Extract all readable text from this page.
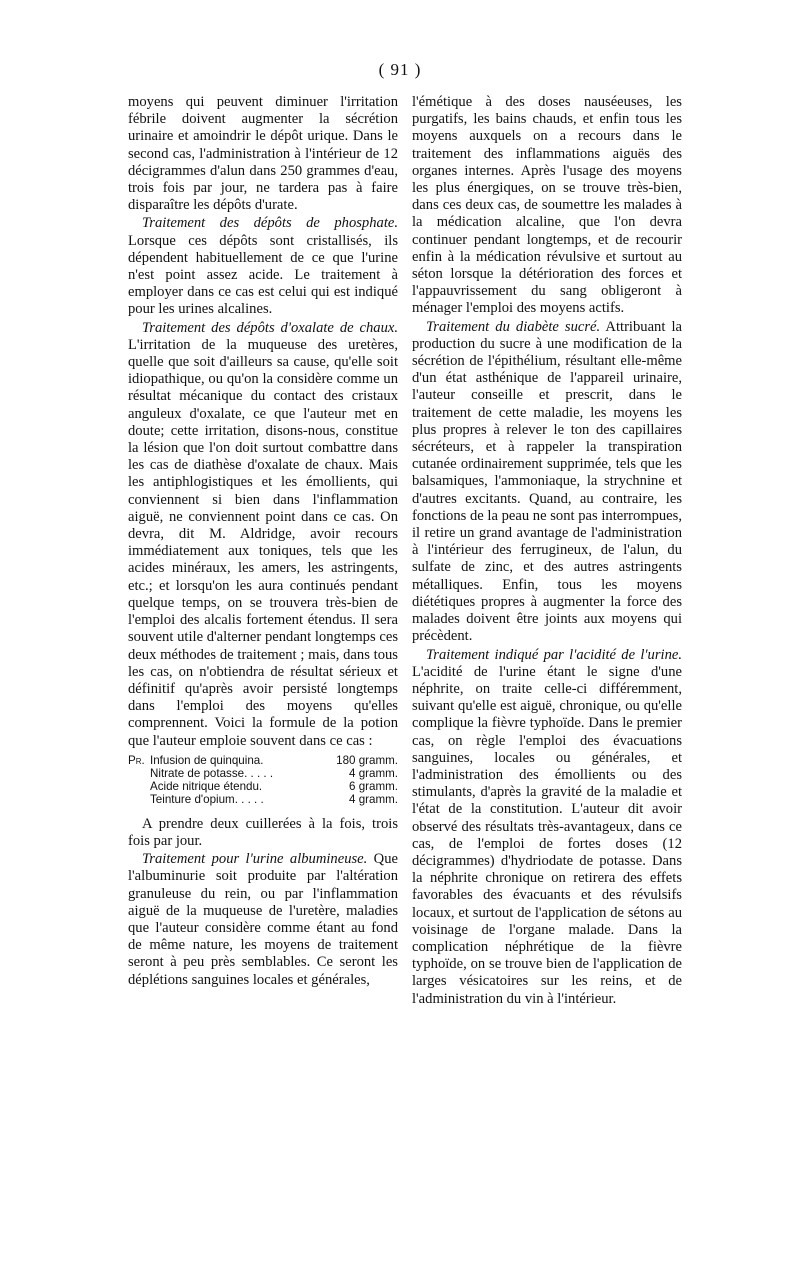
( 91 )

moyens qui peuvent diminuer l'irritation fébrile doivent augmenter la sécrétion urinaire et amoindrir le dépôt urique. Dans le second cas, l'administration à l'intérieur de 12 décigrammes d'alun dans 250 grammes d'eau, trois fois par jour, ne tardera pas à faire disparaître les dépôts d'urate.

Traitement des dépôts de phosphate. Lorsque ces dépôts sont cristallisés, ils dépendent habituellement de ce que l'urine n'est point assez acide. Le traitement à employer dans ce cas est celui qui est indiqué pour les urines alcalines.

Traitement des dépôts d'oxalate de chaux. L'irritation de la muqueuse des uretères, quelle que soit d'ailleurs sa cause, qu'elle soit idiopathique, ou qu'on la considère comme un résultat mécanique du contact des cristaux anguleux d'oxalate, ce que l'auteur met en doute; cette irritation, disons-nous, constitue la lésion que l'on doit surtout combattre dans les cas de diathèse d'oxalate de chaux. Mais les antiphlogistiques et les émollients, qui conviennent si bien dans l'inflammation aiguë, ne conviennent point dans ce cas. On devra, dit M. Aldridge, avoir recours immédiatement aux toniques, tels que les acides minéraux, les amers, les astringents, etc.; et lorsqu'on les aura continués pendant quelque temps, on se trouvera très-bien de l'emploi des alcalis fortement étendus. Il sera souvent utile d'alterner pendant longtemps ces deux méthodes de traitement ; mais, dans tous les cas, on n'obtiendra de résultat sérieux et définitif qu'après avoir persisté longtemps dans l'emploi des moyens qu'elles comprennent. Voici la formule de la potion que l'auteur emploie souvent dans ce cas :

Pr.	Infusion de quinquina.	180 gramm.
	Nitrate de potasse. . . . .	4 gramm.
	Acide nitrique étendu.	6 gramm.
	Teinture d'opium. . . . .	4 gramm.

A prendre deux cuillerées à la fois, trois fois par jour.

Traitement pour l'urine albumineuse. Que l'albuminurie soit produite par l'altération granuleuse du rein, ou par l'inflammation aiguë de la muqueuse de l'uretère, maladies que l'auteur considère comme étant au fond de même nature, les moyens de traitement seront à peu près semblables. Ce seront les déplétions sanguines locales et générales,

l'émétique à des doses nauséeuses, les purgatifs, les bains chauds, et enfin tous les moyens auxquels on a recours dans le traitement des inflammations aiguës des organes internes. Après l'usage des moyens les plus énergiques, on se trouve très-bien, dans ces deux cas, de soumettre les malades à la médication alcaline, que l'on devra continuer pendant longtemps, et de recourir enfin à la médication révulsive et surtout au séton lorsque la détérioration des forces et l'appauvrissement du sang obligeront à ménager l'emploi des moyens actifs.

Traitement du diabète sucré. Attribuant la production du sucre à une modification de la sécrétion de l'épithélium, résultant elle-même d'un état asthénique de l'appareil urinaire, l'auteur conseille et prescrit, dans le traitement de cette maladie, les moyens les plus propres à relever le ton des capillaires sécréteurs, et à rappeler la transpiration cutanée ordinairement supprimée, tels que les balsamiques, l'ammoniaque, la strychnine et d'autres excitants. Quand, au contraire, les fonctions de la peau ne sont pas interrompues, il retire un grand avantage de l'administration à l'intérieur des ferrugineux, de l'alun, du sulfate de zinc, et des autres astringents métalliques. Enfin, tous les moyens diététiques propres à augmenter la force des malades doivent être joints aux moyens qui précèdent.

Traitement indiqué par l'acidité de l'urine. L'acidité de l'urine étant le signe d'une néphrite, on traite celle-ci différemment, suivant qu'elle est aiguë, chronique, ou qu'elle complique la fièvre typhoïde. Dans le premier cas, on règle l'emploi des évacuations sanguines, locales ou générales, et l'administration des émollients ou des stimulants, d'après la gravité de la maladie et l'état de la constitution. L'auteur dit avoir observé des résultats très-avantageux, dans ce cas, de l'emploi de fortes doses (12 décigrammes) d'hydriodate de potasse. Dans la néphrite chronique on retirera des effets favorables des évacuants et des révulsifs locaux, et surtout de l'application de sétons au voisinage de l'organe malade. Dans la complication néphrétique de la fièvre typhoïde, on se trouve bien de l'application de larges vésicatoires sur les reins, et de l'administration du vin à l'intérieur.
